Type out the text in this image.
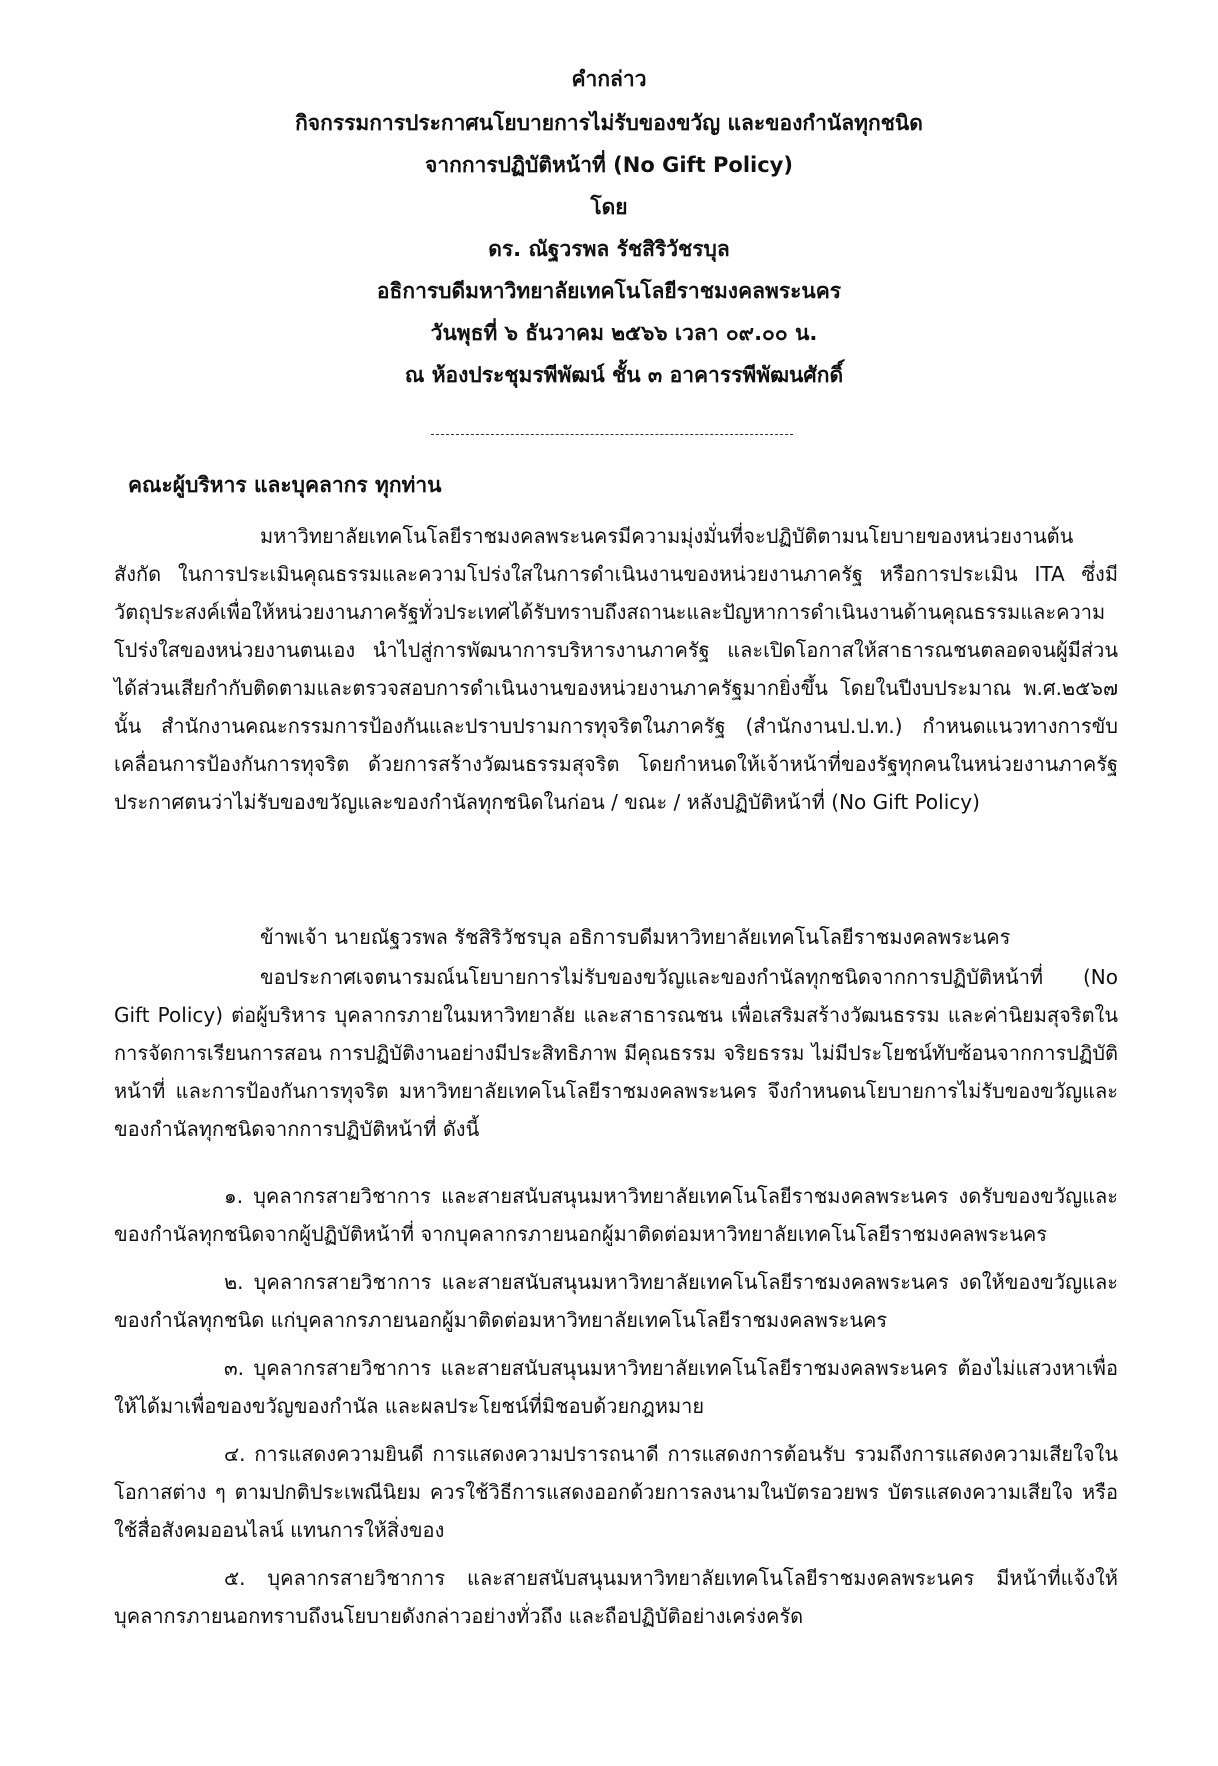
คำกล่าว
กิจกรรมการประกาศนโยบายการไม่รับของขวัญ และของกำนัลทุกชนิด
จากการปฏิบัติหน้าที่ (No Gift Policy)
โดย
ดร. ณัฐวรพล รัชสิริวัชรบุล
อธิการบดีมหาวิทยาลัยเทคโนโลยีราชมงคลพระนคร
วันพุธที่ ๖ ธันวาคม ๒๕๖๖ เวลา ๐๙.๐๐ น.
ณ ห้องประชุมรพีพัฒน์ ชั้น ๓ อาคารรพีพัฒนศักดิ์
คณะผู้บริหาร และบุคลากร ทุกท่าน

มหาวิทยาลัยเทคโนโลยีราชมงคลพระนครมีความมุ่งมั่นที่จะปฏิบัติตามนโยบายของหน่วยงานต้นสังกัด ในการประเมินคุณธรรมและความโปร่งใสในการดำเนินงานของหน่วยงานภาครัฐ หรือการประเมิน ITA ซึ่งมีวัตถุประสงค์เพื่อให้หน่วยงานภาครัฐทั่วประเทศได้รับทราบถึงสถานะและปัญหาการดำเนินงานด้านคุณธรรมและความโปร่งใสของหน่วยงานตนเอง นำไปสู่การพัฒนาการบริหารงานภาครัฐ และเปิดโอกาสให้สาธารณชนตลอดจนผู้มีส่วนได้ส่วนเสียกำกับติดตามและตรวจสอบการดำเนินงานของหน่วยงานภาครัฐมากยิ่งขึ้น โดยในปีงบประมาณ พ.ศ.๒๕๖๗ นั้น สำนักงานคณะกรรมการป้องกันและปราบปรามการทุจริตในภาครัฐ (สำนักงานป.ป.ท.) กำหนดแนวทางการขับเคลื่อนการป้องกันการทุจริต ด้วยการสร้างวัฒนธรรมสุจริต โดยกำหนดให้เจ้าหน้าที่ของรัฐทุกคนในหน่วยงานภาครัฐ ประกาศตนว่าไม่รับของขวัญและของกำนัลทุกชนิดในก่อน / ขณะ / หลังปฏิบัติหน้าที่ (No Gift Policy)

ข้าพเจ้า นายณัฐวรพล รัชสิริวัชรบุล อธิการบดีมหาวิทยาลัยเทคโนโลยีราชมงคลพระนคร

ขอประกาศเจตนารมณ์นโยบายการไม่รับของขวัญและของกำนัลทุกชนิดจากการปฏิบัติหน้าที่ (No Gift Policy) ต่อผู้บริหาร บุคลากรภายในมหาวิทยาลัย และสาธารณชน เพื่อเสริมสร้างวัฒนธรรม และค่านิยมสุจริตในการจัดการเรียนการสอน การปฏิบัติงานอย่างมีประสิทธิภาพ มีคุณธรรม จริยธรรม ไม่มีประโยชน์ทับซ้อนจากการปฏิบัติหน้าที่ และการป้องกันการทุจริต มหาวิทยาลัยเทคโนโลยีราชมงคลพระนคร จึงกำหนดนโยบายการไม่รับของขวัญและของกำนัลทุกชนิดจากการปฏิบัติหน้าที่ ดังนี้

๑. บุคลากรสายวิชาการ และสายสนับสนุนมหาวิทยาลัยเทคโนโลยีราชมงคลพระนคร งดรับของขวัญและของกำนัลทุกชนิดจากผู้ปฏิบัติหน้าที่ จากบุคลากรภายนอกผู้มาติดต่อมหาวิทยาลัยเทคโนโลยีราชมงคลพระนคร

๒. บุคลากรสายวิชาการ และสายสนับสนุนมหาวิทยาลัยเทคโนโลยีราชมงคลพระนคร งดให้ของขวัญและของกำนัลทุกชนิด แก่บุคลากรภายนอกผู้มาติดต่อมหาวิทยาลัยเทคโนโลยีราชมงคลพระนคร

๓. บุคลากรสายวิชาการ และสายสนับสนุนมหาวิทยาลัยเทคโนโลยีราชมงคลพระนคร ต้องไม่แสวงหาเพื่อให้ได้มาเพื่อของขวัญของกำนัล และผลประโยชน์ที่มิชอบด้วยกฎหมาย

๔. การแสดงความยินดี การแสดงความปรารถนาดี การแสดงการต้อนรับ รวมถึงการแสดงความเสียใจในโอกาสต่าง ๆ ตามปกติประเพณีนิยม ควรใช้วิธีการแสดงออกด้วยการลงนามในบัตรอวยพร บัตรแสดงความเสียใจ หรือใช้สื่อสังคมออนไลน์ แทนการให้สิ่งของ

๕. บุคลากรสายวิชาการ และสายสนับสนุนมหาวิทยาลัยเทคโนโลยีราชมงคลพระนคร มีหน้าที่แจ้งให้บุคลากรภายนอกทราบถึงนโยบายดังกล่าวอย่างทั่วถึง และถือปฏิบัติอย่างเคร่งครัด
